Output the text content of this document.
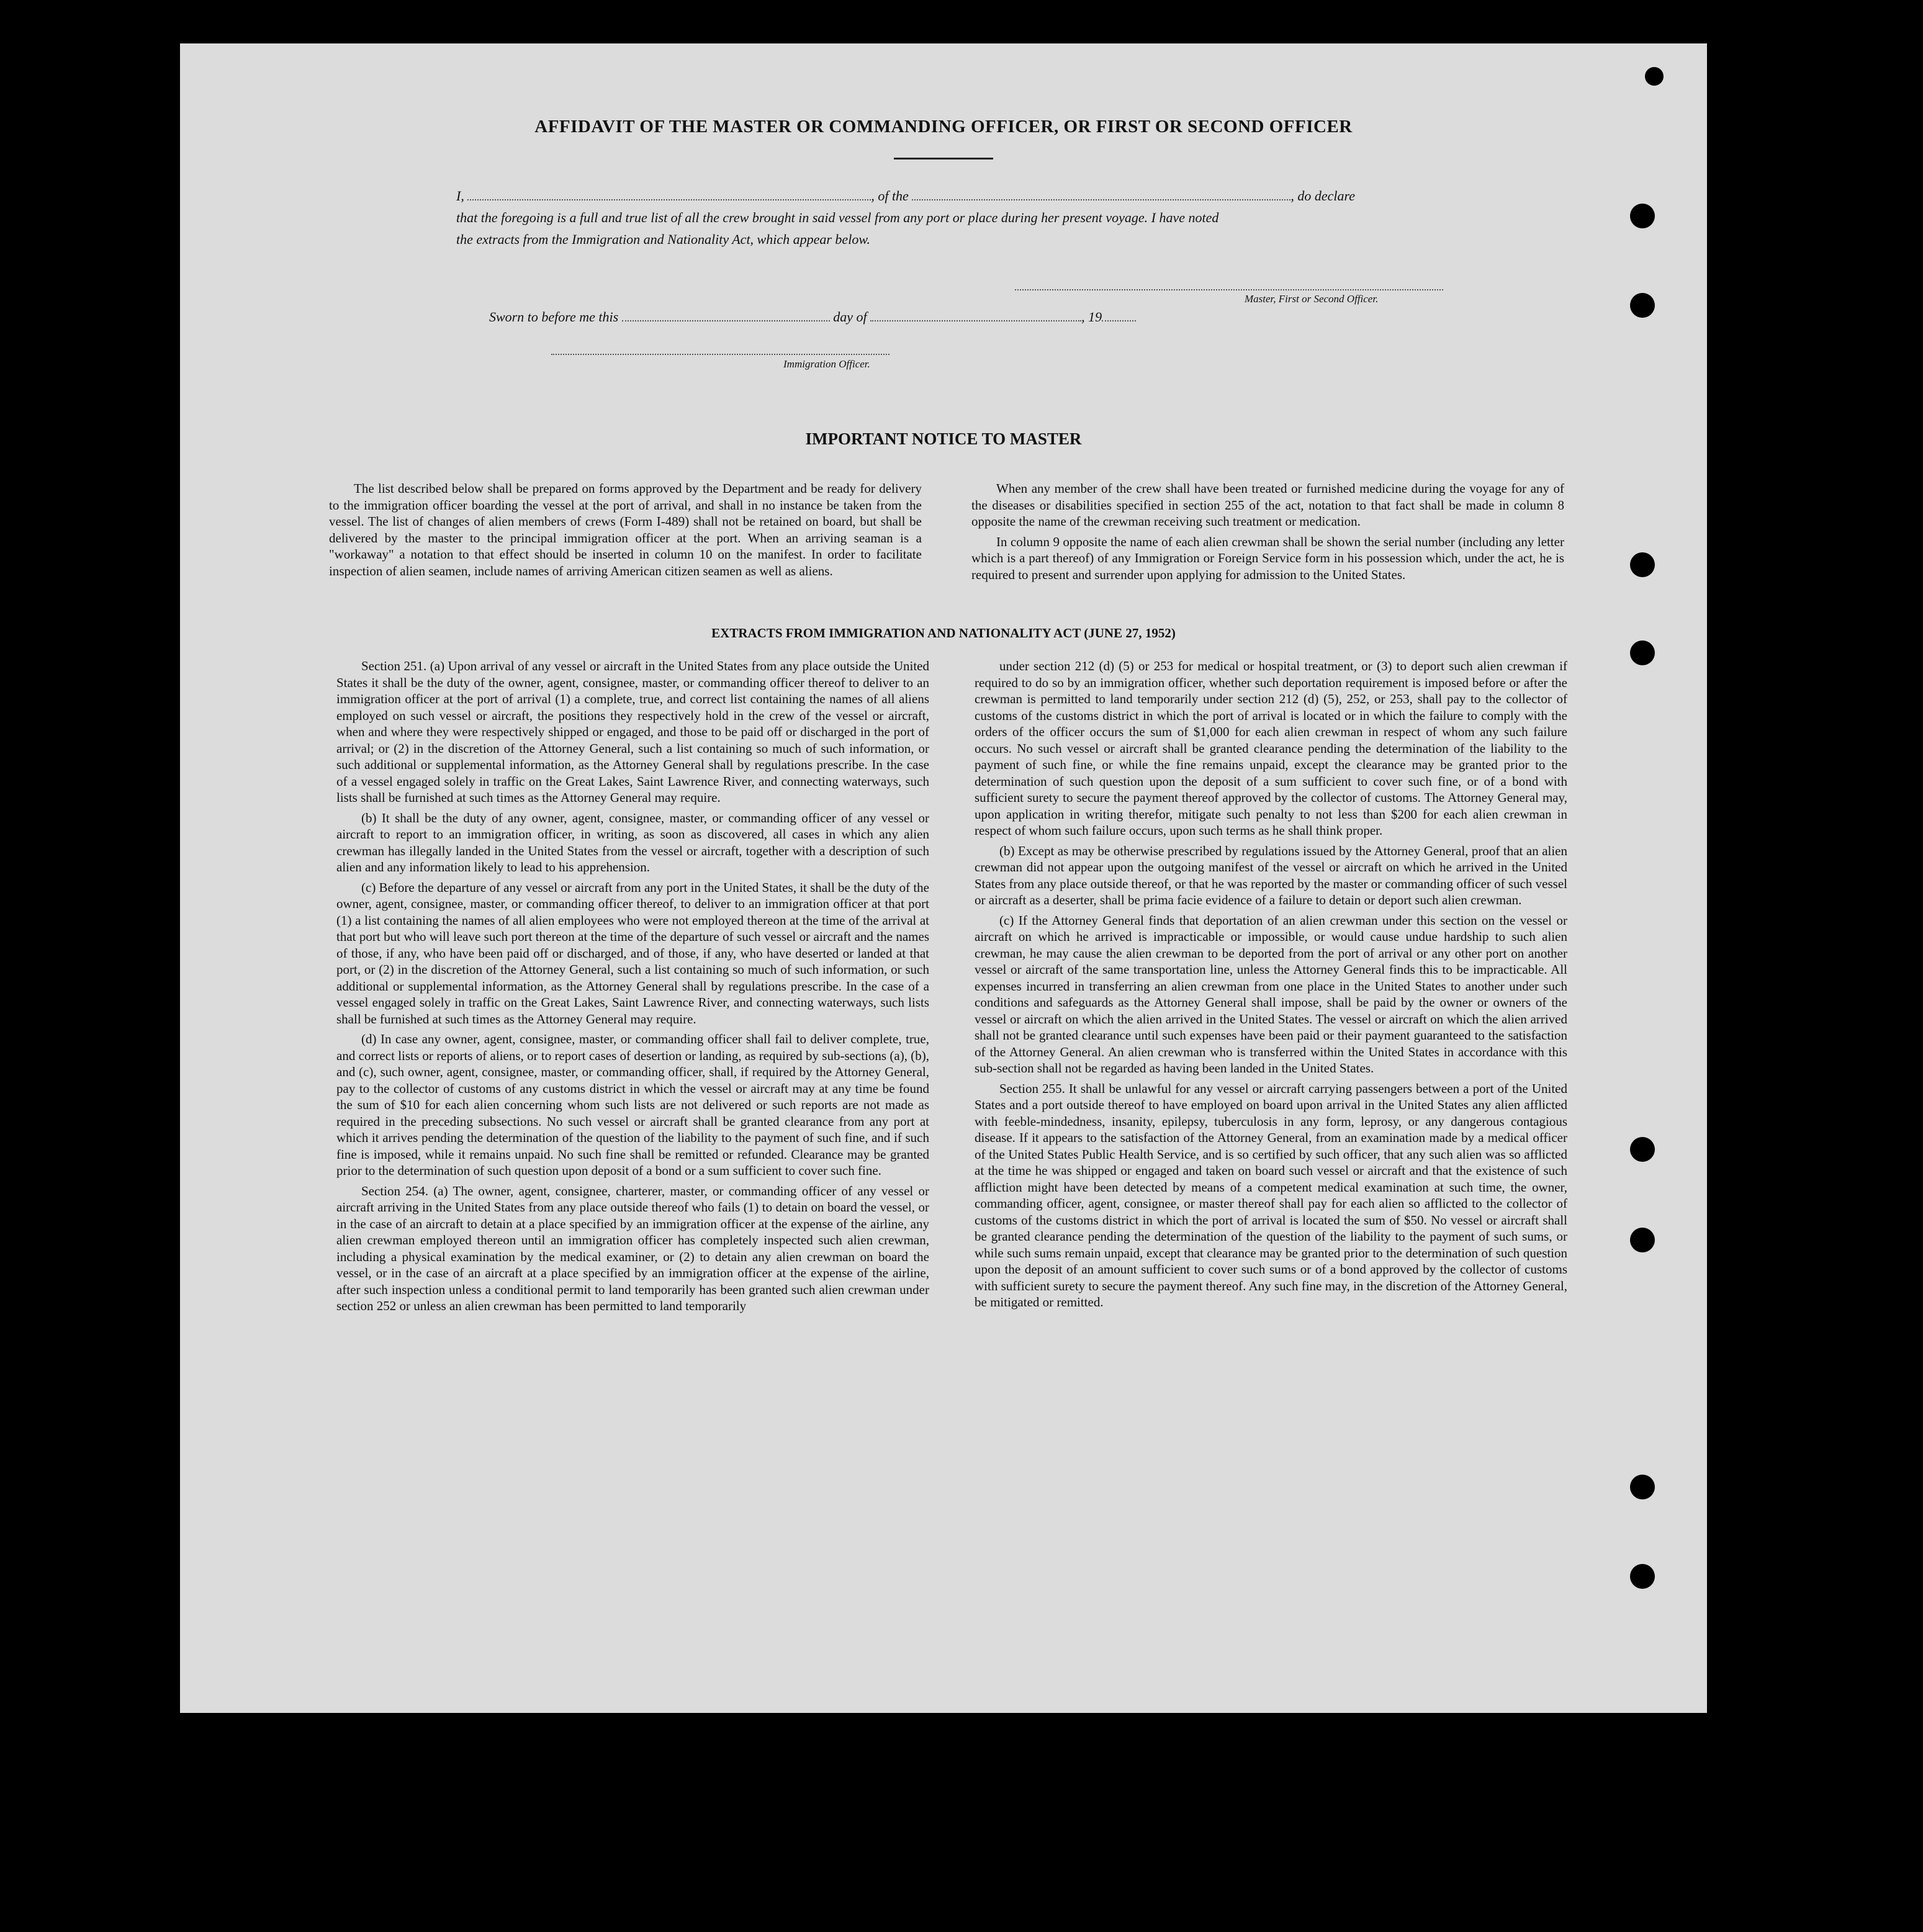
AFFIDAVIT OF THE MASTER OR COMMANDING OFFICER, OR FIRST OR SECOND OFFICER

I,	, of the	, do declare

that the foregoing is a full and true list of all the crew brought in said vessel from any port or place during her present voyage. I have noted

the extracts from the Immigration and Nationality Act, which appear below.

Master, First or Second Officer.
Sworn to before me this	day of	, 19
Immigration Officer.
IMPORTANT NOTICE TO MASTER

The list described below shall be prepared on forms approved by the Department and be ready for delivery to the immigration officer boarding the vessel at the port of arrival, and shall in no instance be taken from the vessel. The list of changes of alien members of crews (Form I-489) shall not be retained on board, but shall be delivered by the master to the principal immigration officer at the port. When an arriving seaman is a "workaway" a notation to that effect should be inserted in column 10 on the manifest. In order to facilitate inspection of alien seamen, include names of arriving American citizen seamen as well as aliens.

When any member of the crew shall have been treated or furnished medicine during the voyage for any of the diseases or disabilities specified in section 255 of the act, notation to that fact shall be made in column 8 opposite the name of the crewman receiving such treatment or medication.

In column 9 opposite the name of each alien crewman shall be shown the serial number (including any letter which is a part thereof) of any Immigration or Foreign Service form in his possession which, under the act, he is required to present and surrender upon applying for admission to the United States.

EXTRACTS FROM IMMIGRATION AND NATIONALITY ACT (JUNE 27, 1952)

Section 251. (a) Upon arrival of any vessel or aircraft in the United States from any place outside the United States it shall be the duty of the owner, agent, consignee, master, or commanding officer thereof to deliver to an immigration officer at the port of arrival (1) a complete, true, and correct list containing the names of all aliens employed on such vessel or aircraft, the positions they respectively hold in the crew of the vessel or aircraft, when and where they were respectively shipped or engaged, and those to be paid off or discharged in the port of arrival; or (2) in the discretion of the Attorney General, such a list containing so much of such information, or such additional or supplemental information, as the Attorney General shall by regulations prescribe. In the case of a vessel engaged solely in traffic on the Great Lakes, Saint Lawrence River, and connecting waterways, such lists shall be furnished at such times as the Attorney General may require.

(b) It shall be the duty of any owner, agent, consignee, master, or commanding officer of any vessel or aircraft to report to an immigration officer, in writing, as soon as discovered, all cases in which any alien crewman has illegally landed in the United States from the vessel or aircraft, together with a description of such alien and any information likely to lead to his apprehension.

(c) Before the departure of any vessel or aircraft from any port in the United States, it shall be the duty of the owner, agent, consignee, master, or commanding officer thereof, to deliver to an immigration officer at that port (1) a list containing the names of all alien employees who were not employed thereon at the time of the arrival at that port but who will leave such port thereon at the time of the departure of such vessel or aircraft and the names of those, if any, who have been paid off or discharged, and of those, if any, who have deserted or landed at that port, or (2) in the discretion of the Attorney General, such a list containing so much of such information, or such additional or supplemental information, as the Attorney General shall by regulations prescribe. In the case of a vessel engaged solely in traffic on the Great Lakes, Saint Lawrence River, and connecting waterways, such lists shall be furnished at such times as the Attorney General may require.

(d) In case any owner, agent, consignee, master, or commanding officer shall fail to deliver complete, true, and correct lists or reports of aliens, or to report cases of desertion or landing, as required by sub-sections (a), (b), and (c), such owner, agent, consignee, master, or commanding officer, shall, if required by the Attorney General, pay to the collector of customs of any customs district in which the vessel or aircraft may at any time be found the sum of $10 for each alien concerning whom such lists are not delivered or such reports are not made as required in the preceding subsections. No such vessel or aircraft shall be granted clearance from any port at which it arrives pending the determination of the question of the liability to the payment of such fine, and if such fine is imposed, while it remains unpaid. No such fine shall be remitted or refunded. Clearance may be granted prior to the determination of such question upon deposit of a bond or a sum sufficient to cover such fine.

Section 254. (a) The owner, agent, consignee, charterer, master, or commanding officer of any vessel or aircraft arriving in the United States from any place outside thereof who fails (1) to detain on board the vessel, or in the case of an aircraft to detain at a place specified by an immigration officer at the expense of the airline, any alien crewman employed thereon until an immigration officer has completely inspected such alien crewman, including a physical examination by the medical examiner, or (2) to detain any alien crewman on board the vessel, or in the case of an aircraft at a place specified by an immigration officer at the expense of the airline, after such inspection unless a conditional permit to land temporarily has been granted such alien crewman under section 252 or unless an alien crewman has been permitted to land temporarily

under section 212 (d) (5) or 253 for medical or hospital treatment, or (3) to deport such alien crewman if required to do so by an immigration officer, whether such deportation requirement is imposed before or after the crewman is permitted to land temporarily under section 212 (d) (5), 252, or 253, shall pay to the collector of customs of the customs district in which the port of arrival is located or in which the failure to comply with the orders of the officer occurs the sum of $1,000 for each alien crewman in respect of whom any such failure occurs. No such vessel or aircraft shall be granted clearance pending the determination of the liability to the payment of such fine, or while the fine remains unpaid, except the clearance may be granted prior to the determination of such question upon the deposit of a sum sufficient to cover such fine, or of a bond with sufficient surety to secure the payment thereof approved by the collector of customs. The Attorney General may, upon application in writing therefor, mitigate such penalty to not less than $200 for each alien crewman in respect of whom such failure occurs, upon such terms as he shall think proper.

(b) Except as may be otherwise prescribed by regulations issued by the Attorney General, proof that an alien crewman did not appear upon the outgoing manifest of the vessel or aircraft on which he arrived in the United States from any place outside thereof, or that he was reported by the master or commanding officer of such vessel or aircraft as a deserter, shall be prima facie evidence of a failure to detain or deport such alien crewman.

(c) If the Attorney General finds that deportation of an alien crewman under this section on the vessel or aircraft on which he arrived is impracticable or impossible, or would cause undue hardship to such alien crewman, he may cause the alien crewman to be deported from the port of arrival or any other port on another vessel or aircraft of the same transportation line, unless the Attorney General finds this to be impracticable. All expenses incurred in transferring an alien crewman from one place in the United States to another under such conditions and safeguards as the Attorney General shall impose, shall be paid by the owner or owners of the vessel or aircraft on which the alien arrived in the United States. The vessel or aircraft on which the alien arrived shall not be granted clearance until such expenses have been paid or their payment guaranteed to the satisfaction of the Attorney General. An alien crewman who is transferred within the United States in accordance with this sub-section shall not be regarded as having been landed in the United States.

Section 255. It shall be unlawful for any vessel or aircraft carrying passengers between a port of the United States and a port outside thereof to have employed on board upon arrival in the United States any alien afflicted with feeble-mindedness, insanity, epilepsy, tuberculosis in any form, leprosy, or any dangerous contagious disease. If it appears to the satisfaction of the Attorney General, from an examination made by a medical officer of the United States Public Health Service, and is so certified by such officer, that any such alien was so afflicted at the time he was shipped or engaged and taken on board such vessel or aircraft and that the existence of such affliction might have been detected by means of a competent medical examination at such time, the owner, commanding officer, agent, consignee, or master thereof shall pay for each alien so afflicted to the collector of customs of the customs district in which the port of arrival is located the sum of $50. No vessel or aircraft shall be granted clearance pending the determination of the question of the liability to the payment of such sums, or while such sums remain unpaid, except that clearance may be granted prior to the determination of such question upon the deposit of an amount sufficient to cover such sums or of a bond approved by the collector of customs with sufficient surety to secure the payment thereof. Any such fine may, in the discretion of the Attorney General, be mitigated or remitted.
